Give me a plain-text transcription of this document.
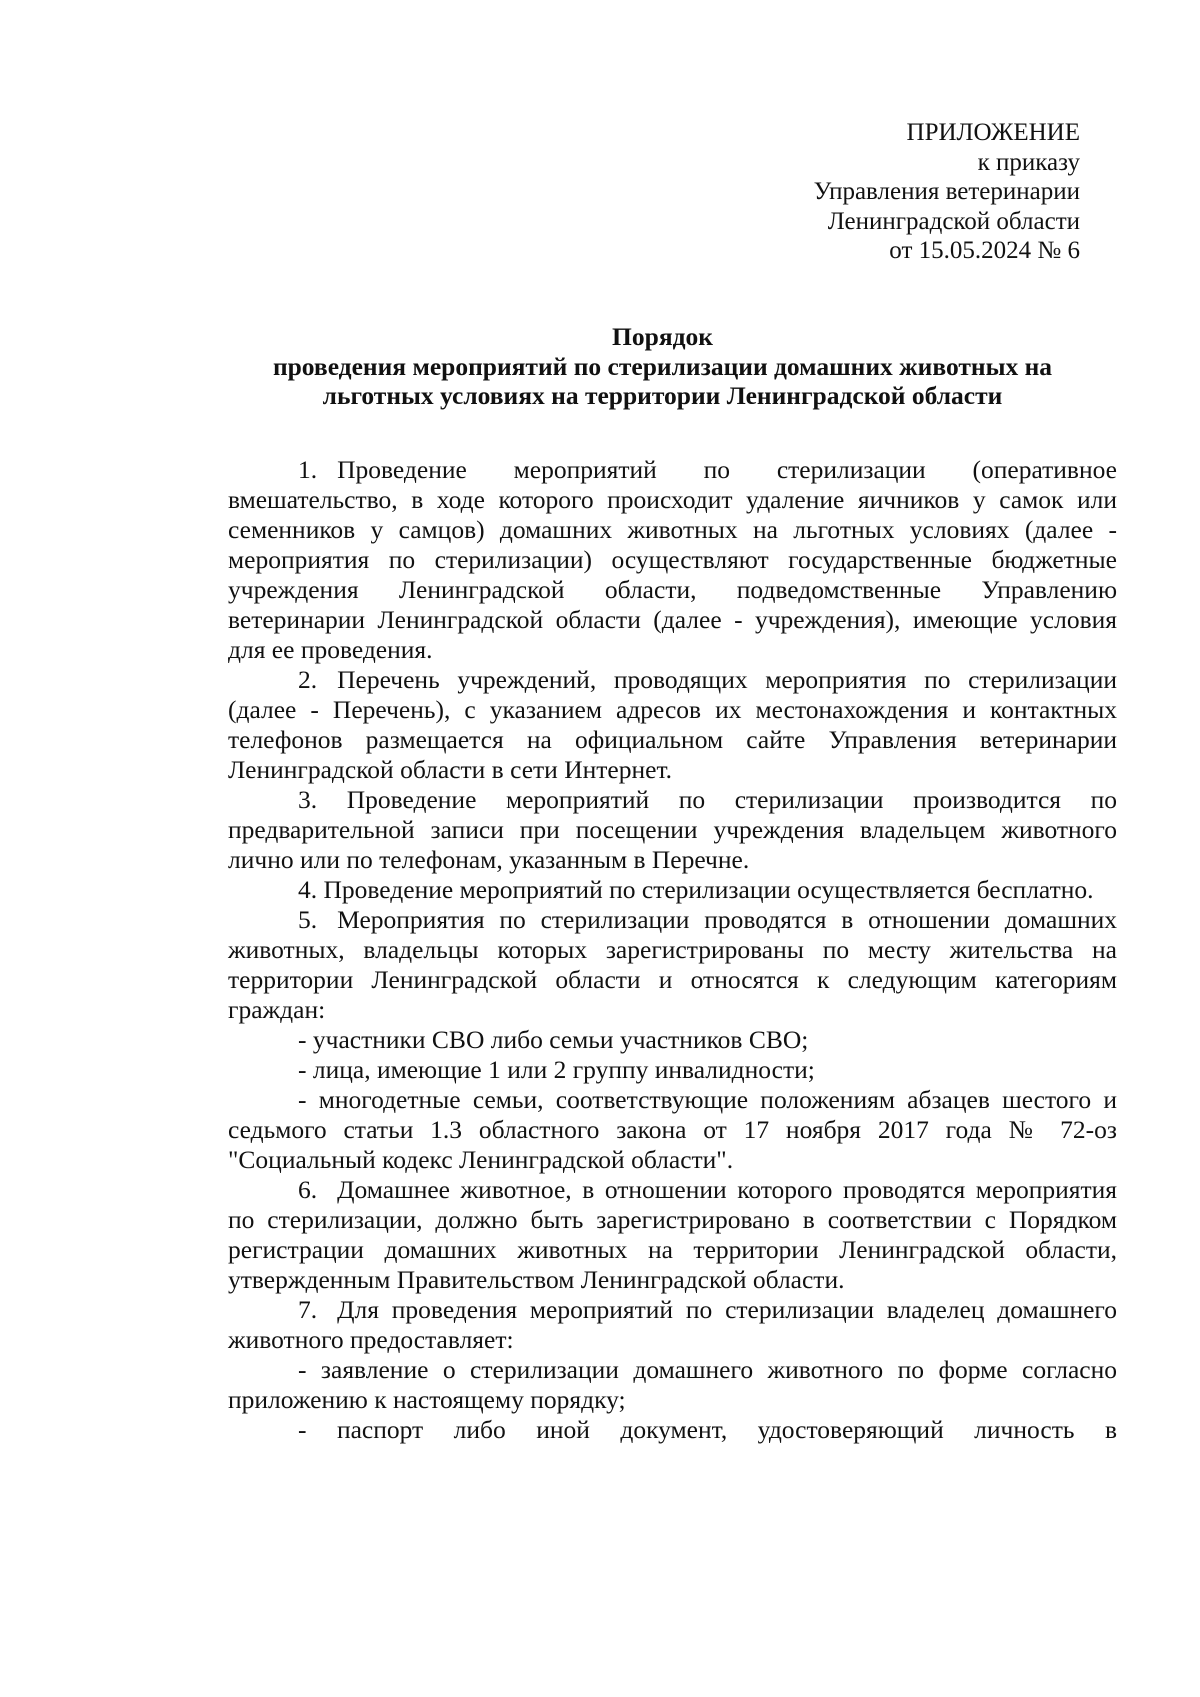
ПРИЛОЖЕНИЕ
к приказу
Управления ветеринарии
Ленинградской области
от 15.05.2024 № 6
Порядок
проведения мероприятий по стерилизации домашних животных на
льготных условиях на территории Ленинградской области

1. Проведение мероприятий по стерилизации (оперативное вмешательство, в ходе которого происходит удаление яичников у самок или семенников у самцов) домашних животных на льготных условиях (далее - мероприятия по стерилизации) осуществляют государственные бюджетные учреждения Ленинградской области, подведомственные Управлению ветеринарии Ленинградской области (далее - учреждения), имеющие условия для ее проведения.

2. Перечень учреждений, проводящих мероприятия по стерилизации (далее - Перечень), с указанием адресов их местонахождения и контактных телефонов размещается на официальном сайте Управления ветеринарии Ленинградской области в сети Интернет.

3. Проведение мероприятий по стерилизации производится по предварительной записи при посещении учреждения владельцем животного лично или по телефонам, указанным в Перечне.

4. Проведение мероприятий по стерилизации осуществляется бесплатно.

5. Мероприятия по стерилизации проводятся в отношении домашних животных, владельцы которых зарегистрированы по месту жительства на территории Ленинградской области и относятся к следующим категориям граждан:

- участники СВО либо семьи участников СВО;

- лица, имеющие 1 или 2 группу инвалидности;

- многодетные семьи, соответствующие положениям абзацев шестого и седьмого статьи 1.3 областного закона от 17 ноября 2017 года № 72-оз "Социальный кодекс Ленинградской области".

6. Домашнее животное, в отношении которого проводятся мероприятия по стерилизации, должно быть зарегистрировано в соответствии с Порядком регистрации домашних животных на территории Ленинградской области, утвержденным Правительством Ленинградской области.

7. Для проведения мероприятий по стерилизации владелец домашнего животного предоставляет:

- заявление о стерилизации домашнего животного по форме согласно приложению к настоящему порядку;

- паспорт либо иной документ, удостоверяющий личность в
